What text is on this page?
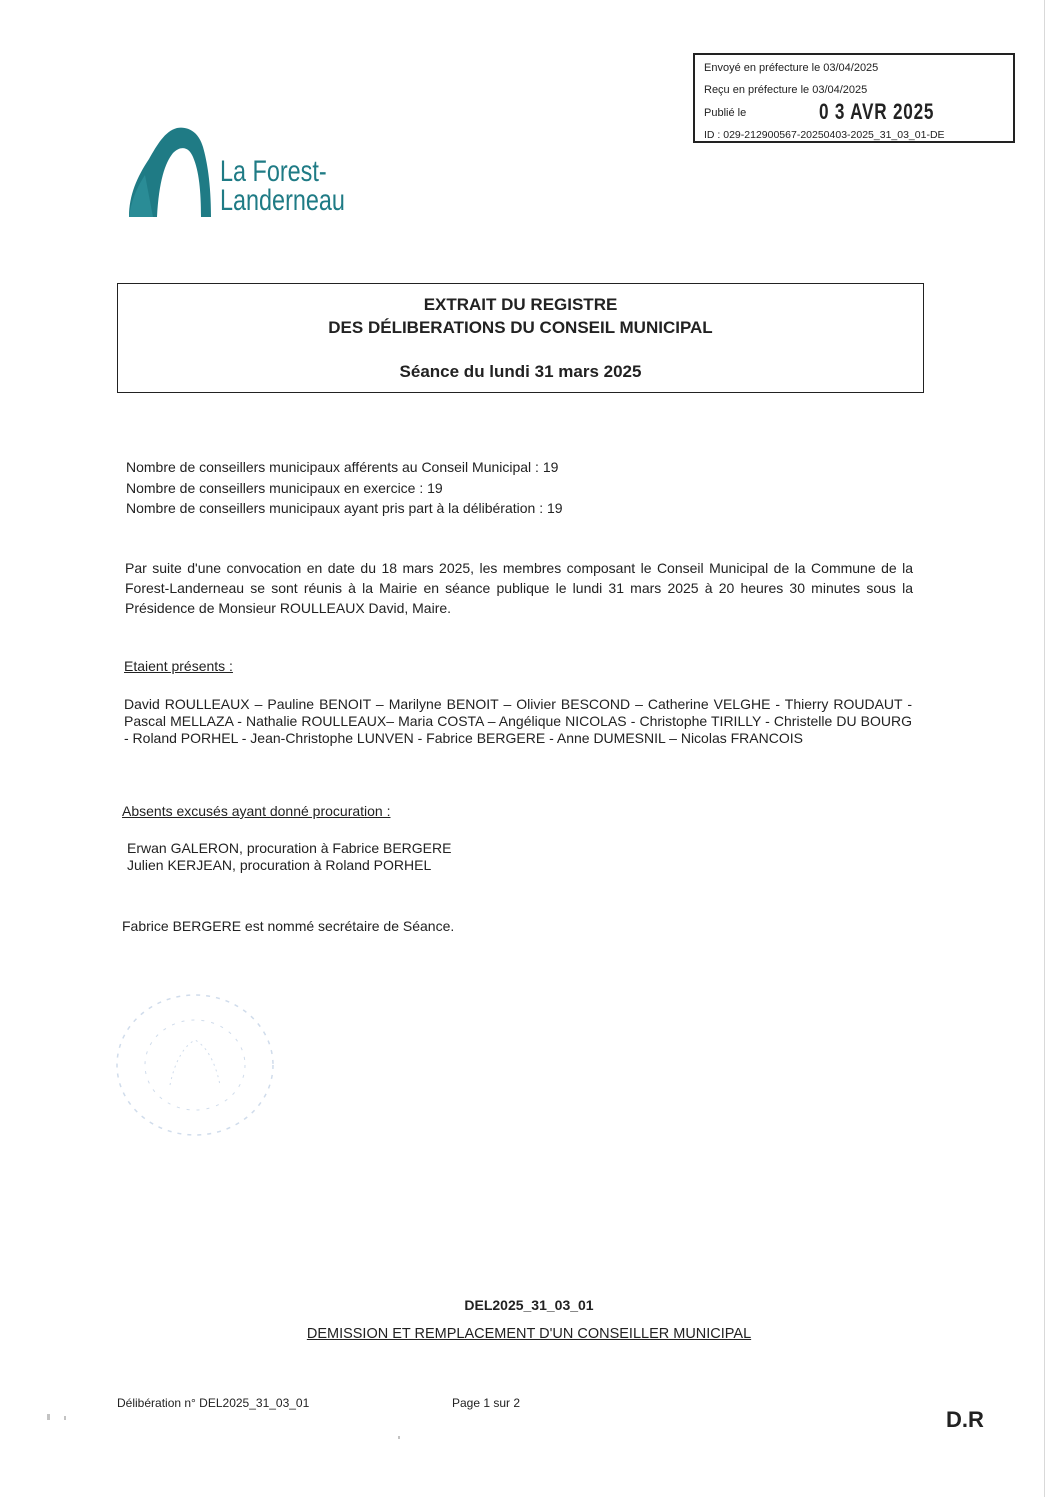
Envoyé en préfecture le 03/04/2025
Reçu en préfecture le 03/04/2025
Publié le	0 3 AVR 2025
ID : 029-212900567-20250403-2025_31_03_01-DE
La Forest-
Landerneau
EXTRAIT DU REGISTRE
DES DÉLIBERATIONS DU CONSEIL MUNICIPAL
Séance du lundi 31 mars 2025
Nombre de conseillers municipaux afférents au Conseil Municipal : 19
Nombre de conseillers municipaux en exercice : 19
Nombre de conseillers municipaux ayant pris part à la délibération : 19
Par suite d'une convocation en date du 18 mars 2025, les membres composant le Conseil Municipal de la Commune de la Forest-Landerneau se sont réunis à la Mairie en séance publique le lundi 31 mars 2025 à 20 heures 30 minutes sous la Présidence de Monsieur ROULLEAUX David, Maire.
Etaient présents :
David ROULLEAUX – Pauline BENOIT – Marilyne BENOIT – Olivier BESCOND – Catherine VELGHE - Thierry ROUDAUT - Pascal MELLAZA - Nathalie ROULLEAUX– Maria COSTA – Angélique NICOLAS - Christophe TIRILLY - Christelle DU BOURG - Roland PORHEL - Jean-Christophe LUNVEN - Fabrice BERGERE - Anne DUMESNIL – Nicolas FRANCOIS
Absents excusés ayant donné procuration :
Erwan GALERON, procuration à Fabrice BERGERE
Julien KERJEAN, procuration à Roland PORHEL
Fabrice BERGERE est nommé secrétaire de Séance.
DEL2025_31_03_01
DEMISSION ET REMPLACEMENT D'UN CONSEILLER MUNICIPAL
Délibération n° DEL2025_31_03_01	Page 1 sur 2
D.R
